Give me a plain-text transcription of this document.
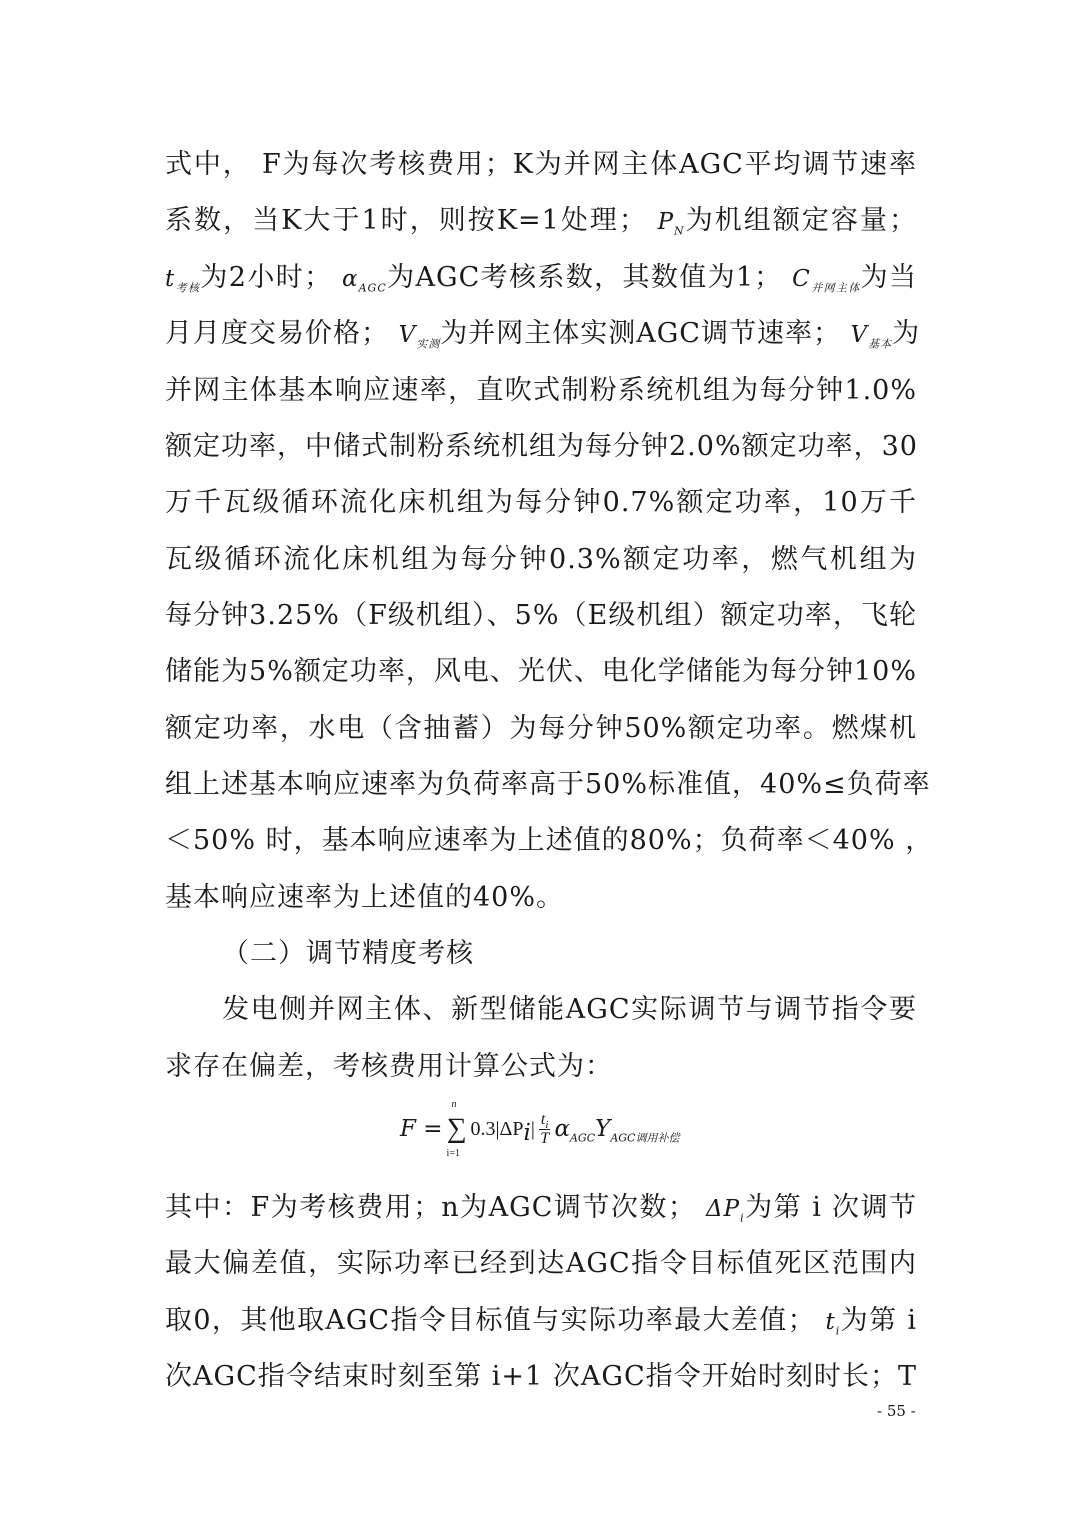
式中， F为每次考核费用；K为并网主体AGC平均调节速率
系数，当K大于1时，则按K=1处理； $P_N$为机组额定容量；
$t_{考核}$为2小时； $\alpha_{AGC}$为AGC考核系数，其数值为1； $C_{并网主体}$为当
月月度交易价格； $V_{实测}$为并网主体实测AGC调节速率； $V_{基本}$为
并网主体基本响应速率，直吹式制粉系统机组为每分钟1.0%
额定功率，中储式制粉系统机组为每分钟2.0%额定功率，30
万千瓦级循环流化床机组为每分钟0.7%额定功率，10万千
瓦级循环流化床机组为每分钟0.3%额定功率，燃气机组为
每分钟3.25%（F级机组）、5%（E级机组）额定功率，飞轮
储能为5%额定功率，风电、光伏、电化学储能为每分钟10%
额定功率，水电（含抽蓄）为每分钟50%额定功率。燃煤机
组上述基本响应速率为负荷率高于50%标准值，40%≤负荷率
＜50% 时，基本响应速率为上述值的80%；负荷率＜40% ，
基本响应速率为上述值的40%。
（二）调节精度考核
发电侧并网主体、新型储能AGC实际调节与调节指令要
求存在偏差，考核费用计算公式为：
F = ∑
n
i=1
$0.3|\Delta P_i| \frac{t_i}{T} \alpha_{AGC}$ $Y_{AGC调用补偿}$
其中：F为考核费用；n为AGC调节次数； $\Delta P_i$为第 i 次调节
最大偏差值，实际功率已经到达AGC指令目标值死区范围内
取0，其他取AGC指令目标值与实际功率最大差值； $t_i$为第 i
次AGC指令结束时刻至第 i+1 次AGC指令开始时刻时长；T
- 55 -
